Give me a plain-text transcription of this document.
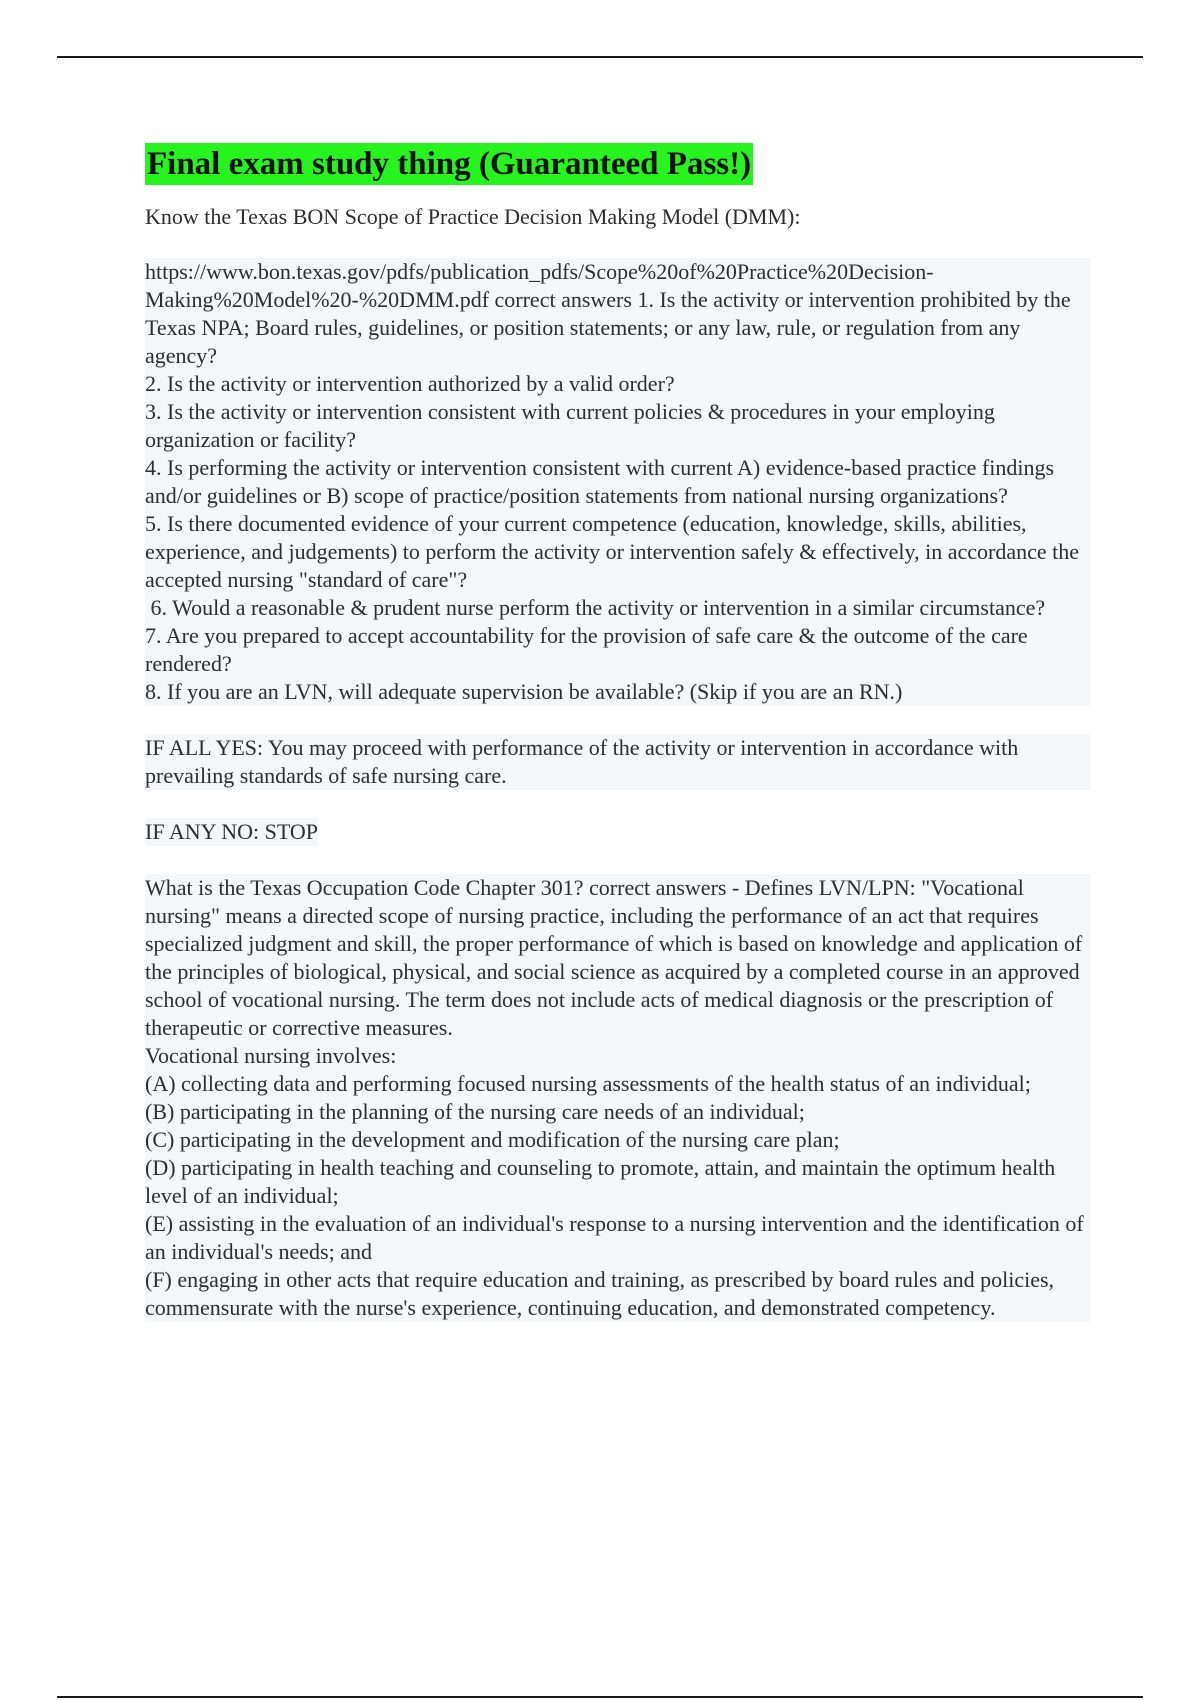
Final exam study thing (Guaranteed Pass!)

Know the Texas BON Scope of Practice Decision Making Model (DMM):

https://www.bon.texas.gov/pdfs/publication_pdfs/Scope%20of%20Practice%20Decision-Making%20Model%20-%20DMM.pdf correct answers 1. Is the activity or intervention prohibited by the Texas NPA; Board rules, guidelines, or position statements; or any law, rule, or regulation from any agency?
2. Is the activity or intervention authorized by a valid order?
3. Is the activity or intervention consistent with current policies & procedures in your employing organization or facility?
4. Is performing the activity or intervention consistent with current A) evidence-based practice findings and/or guidelines or B) scope of practice/position statements from national nursing organizations?
5. Is there documented evidence of your current competence (education, knowledge, skills, abilities, experience, and judgements) to perform the activity or intervention safely & effectively, in accordance the accepted nursing "standard of care"?
6. Would a reasonable & prudent nurse perform the activity or intervention in a similar circumstance?
7. Are you prepared to accept accountability for the provision of safe care & the outcome of the care rendered?
8. If you are an LVN, will adequate supervision be available? (Skip if you are an RN.)
IF ALL YES: You may proceed with performance of the activity or intervention in accordance with prevailing standards of safe nursing care.
IF ANY NO: STOP
What is the Texas Occupation Code Chapter 301? correct answers - Defines LVN/LPN: "Vocational nursing" means a directed scope of nursing practice, including the performance of an act that requires specialized judgment and skill, the proper performance of which is based on knowledge and application of the principles of biological, physical, and social science as acquired by a completed course in an approved school of vocational nursing. The term does not include acts of medical diagnosis or the prescription of therapeutic or corrective measures.
Vocational nursing involves:
(A) collecting data and performing focused nursing assessments of the health status of an individual;
(B) participating in the planning of the nursing care needs of an individual;
(C) participating in the development and modification of the nursing care plan;
(D) participating in health teaching and counseling to promote, attain, and maintain the optimum health level of an individual;
(E) assisting in the evaluation of an individual's response to a nursing intervention and the identification of an individual's needs; and
(F) engaging in other acts that require education and training, as prescribed by board rules and policies, commensurate with the nurse's experience, continuing education, and demonstrated competency.
